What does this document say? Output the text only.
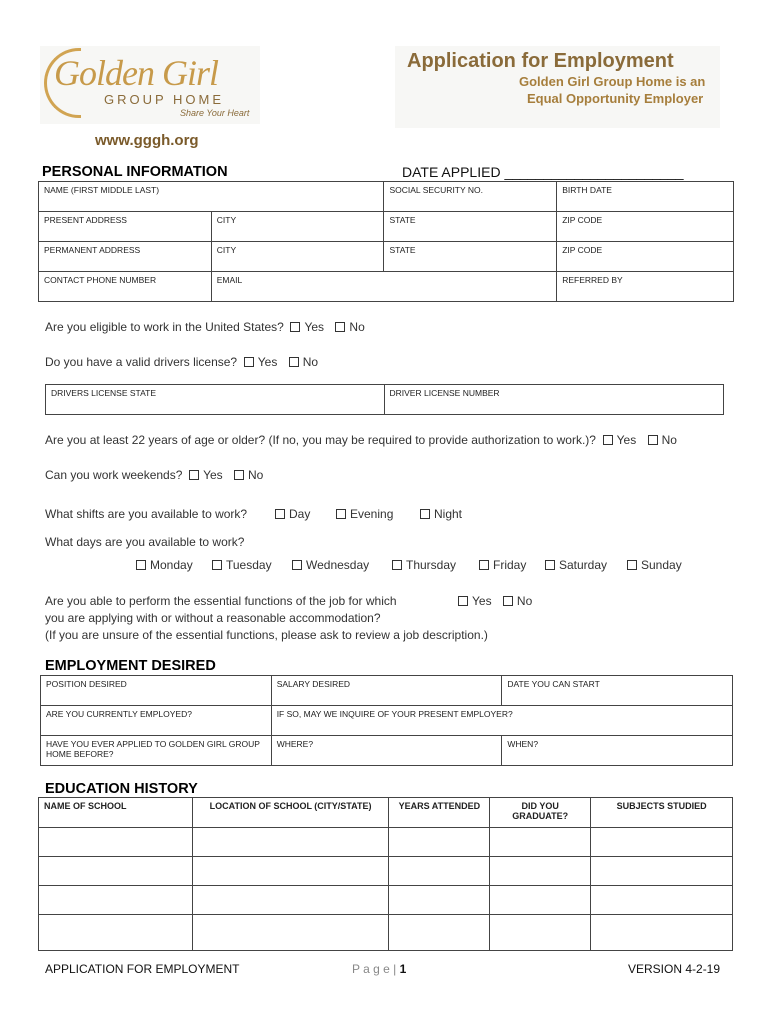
Golden Girl
GROUP HOME
Share Your Heart
www.gggh.org
Application for Employment
Golden Girl Group Home is an
Equal Opportunity Employer
PERSONAL INFORMATION	DATE APPLIED _______________________
NAME (FIRST MIDDLE LAST)		SOCIAL SECURITY NO.	BIRTH DATE
PRESENT ADDRESS	CITY	STATE	ZIP CODE
PERMANENT ADDRESS	CITY	STATE	ZIP CODE
CONTACT PHONE NUMBER	EMAIL		REFERRED BY
Are you eligible to work in the United States? Yes No
Do you have a valid drivers license? Yes No
DRIVERS LICENSE STATE	DRIVER LICENSE NUMBER
Are you at least 22 years of age or older? (If no, you may be required to provide authorization to work.)? Yes No
Can you work weekends? Yes No
What shifts are you available to work?	Day	Evening	Night
What days are you available to work?
Monday	Tuesday	Wednesday	Thursday	Friday	Saturday	Sunday
Are you able to perform the essential functions of the job for which	Yes No
you are applying with or without a reasonable accommodation?
(If you are unsure of the essential functions, please ask to review a job description.)
EMPLOYMENT DESIRED
POSITION DESIRED	SALARY DESIRED	DATE YOU CAN START
ARE YOU CURRENTLY EMPLOYED?	IF SO, MAY WE INQUIRE OF YOUR PRESENT EMPLOYER?	
HAVE YOU EVER APPLIED TO GOLDEN GIRL GROUP HOME BEFORE?	WHERE?	WHEN?
EDUCATION HISTORY
NAME OF SCHOOL	LOCATION OF SCHOOL (CITY/STATE)	YEARS ATTENDED	DID YOU GRADUATE?	SUBJECTS STUDIED

APPLICATION FOR EMPLOYMENT	P a g e | 1	VERSION 4-2-19
